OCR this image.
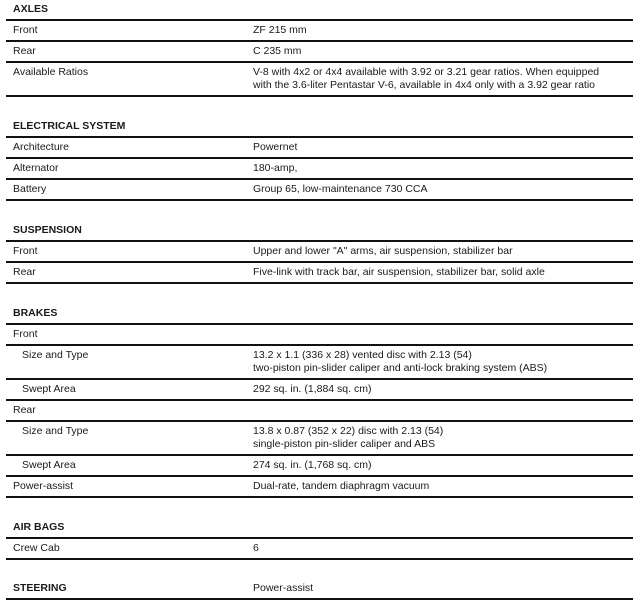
AXLES
Front	ZF 215 mm
Rear	C 235 mm
Available Ratios	V-8 with 4x2 or 4x4 available with 3.92 or 3.21 gear ratios. When equipped
with the 3.6-liter Pentastar V-6, available in 4x4 only with a 3.92 gear ratio
ELECTRICAL SYSTEM
Architecture	Powernet
Alternator	180-amp,
Battery	Group 65, low-maintenance 730 CCA
SUSPENSION
Front	Upper and lower "A" arms, air suspension, stabilizer bar
Rear	Five-link with track bar, air suspension, stabilizer bar, solid axle
BRAKES
Front
Size and Type	13.2 x 1.1 (336 x 28) vented disc with 2.13 (54)
two-piston pin-slider caliper and anti-lock braking system (ABS)
Swept Area	292 sq. in. (1,884 sq. cm)
Rear
Size and Type	13.8 x 0.87 (352 x 22) disc with 2.13 (54)
single-piston pin-slider caliper and ABS
Swept Area	274 sq. in. (1,768 sq. cm)
Power-assist	Dual-rate, tandem diaphragm vacuum
AIR BAGS
Crew Cab	6
STEERING	Power-assist
